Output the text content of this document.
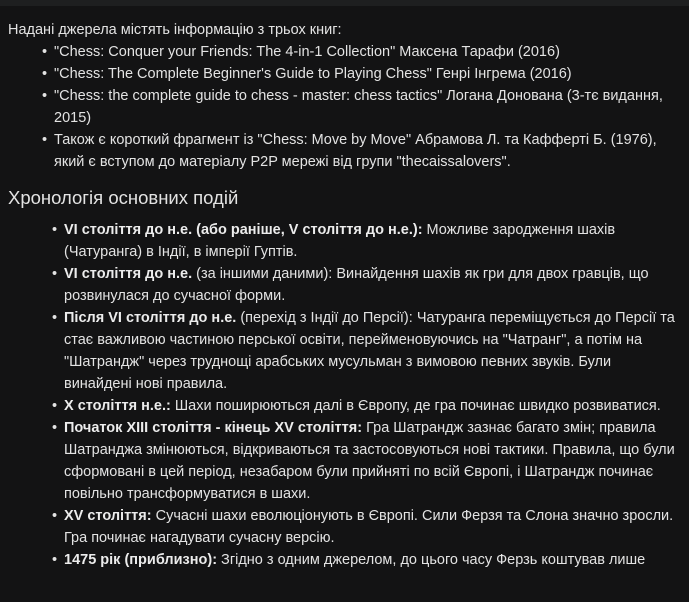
Надані джерела містять інформацію з трьох книг:

• "Chess: Conquer your Friends: The 4-in-1 Collection" Максена Тарафи (2016)
• "Chess: The Complete Beginner's Guide to Playing Chess" Генрі Інгрема (2016)
• "Chess: the complete guide to chess - master: chess tactics" Логана Донована (3-тє видання, 2015)
• Також є короткий фрагмент із "Chess: Move by Move" Абрамова Л. та Кафферті Б. (1976), який є вступом до матеріалу P2P мережі від групи "thecaissalovers".
Хронологія основних подій
• VI століття до н.е. (або раніше, V століття до н.е.): Можливе зародження шахів (Чатуранга) в Індії, в імперії Гуптів.
• VI століття до н.е. (за іншими даними): Винайдення шахів як гри для двох гравців, що розвинулася до сучасної форми.
• Після VI століття до н.е. (перехід з Індії до Персії): Чатуранга переміщується до Персії та стає важливою частиною перської освіти, перейменовуючись на "Чатранг", а потім на "Шатрандж" через труднощі арабських мусульман з вимовою певних звуків. Були винайдені нові правила.
• X століття н.е.: Шахи поширюються далі в Європу, де гра починає швидко розвиватися.
• Початок XIII століття - кінець XV століття: Гра Шатрандж зазнає багато змін; правила Шатранджа змінюються, відкриваються та застосовуються нові тактики. Правила, що були сформовані в цей період, незабаром були прийняті по всій Європі, і Шатрандж починає повільно трансформуватися в шахи.
• XV століття: Сучасні шахи еволюціонують в Європі. Сили Ферзя та Слона значно зросли. Гра починає нагадувати сучасну версію.
• 1475 рік (приблизно): Згідно з одним джерелом, до цього часу Ферзь коштував лише
